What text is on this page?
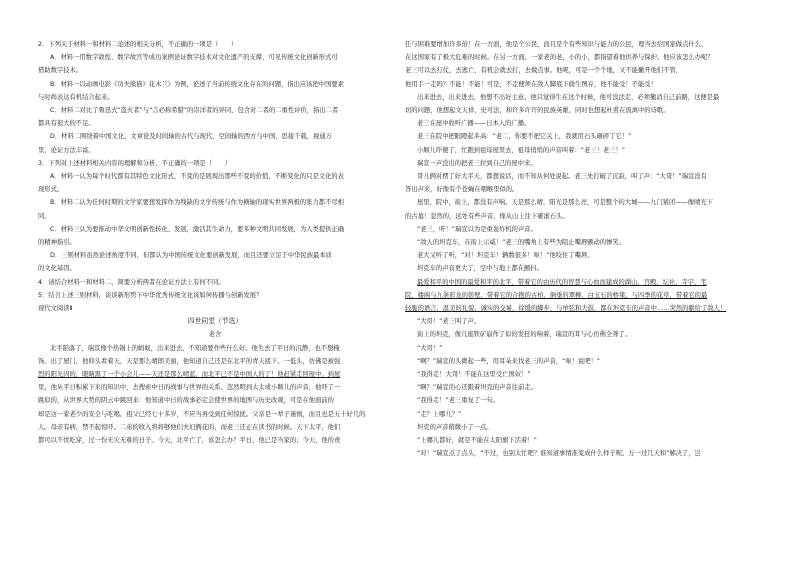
2．下列关于材料一和材料二论述的相关分析，不正确的一项是（　　）

A．材料一用数字敦煌、数字故宫等成功案例论证数字技术对文化遗产的支撑，可见传统文化创新形式可

借助数字技术。

B．材料一以动画电影《功夫熊猫》花木兰》为例，论述了当前传统文化存在的问题，指出应该把中国要素

与时尚表达有机结合起来。

C．材料二对比了鲁迅式“盗火者”与“言必称希腊”的崇洋者的异同，包含对二者的二重性评价，指出二者

都具有很大的不足。

D．材料二围绕着中国文化，文章论及时间轴的古代与现代，空间轴的西方与中国，思接千载，视通万

里，论证方法丰富。

3．下列对上述材料相关内容的理解和分析，不正确的一项是（　　）

A．材料一认为每个时代都有其特色文化形式，不变的是展现出那些不变的价值，不断变化的只是文化的表

现形式。

B．材料二认为任何时期的文学家要想发挥作为残缺的文学传统与作为横轴的现实世界两极的张力都不尽相

同。

C．材料三认为要推动中华文明创新性转化、发展，激活其生命力，要多种文明共同发展，为人类提供正确

的精神指引。

D．三则材料虽然论述角度不同，但都认为中国传统文化要创新发展，而且还要立足于中华民族最本质

的文化基因。

4．请结合材料一和材料二，简要分析两者在论证方法上有何不同。

5．结合上述三则材料，谈谈新形势下中华优秀传统文化该如何传播与创新发展？

现代文阅读Ⅱ

四世同堂（节选）

老舍

北平陷落了，瑞宣像个热锅上的蚂蚁，出来进去，不知道要作些什么好。他失去了平日的沉静，也不想掩

饰。出了屋门，他仰头看着天，天是那么晴朗美丽，他知道自己还是在北平的青天底下。一低头，仿佛是被强

烈的阳光闪的，眼睛黑了一个小会儿——天还是那么晴蓝，而北平已不是中国人的了！他赶紧走回屋中。到屋

里，他从平日积累下来的知识中，去搜索中日的战事与世界的关系。忽然明到太太或小顺儿的声音，他吓了一

跳似的，从世界大势的阴云中跳回来：他知道中日的战事必定会使世界的地图与历史改观，可是在他面前的

却是这一家老少的安全与吃喝。祖父已经七十多岁，不应当再受到任何惊扰。父亲是一辈子谨慎，而且也是五十好几的

人。母亲有病，禁不起惊吓。二弟的收入将将够他们夫妇俩花的，而老三还正在读书的时候。天下太平，他们

都可以不忧吃穿，过一份无灾无难的日子。今天，北平亡了，该怎么办？平日，他已是当家的；今天，他的责

任与困难要增加许多倍！在一方面，他是个公民，而且是个有些知识与能力的公民，理当去给国家做点什么，

在这国家有了极大危难的时候。在另一方面，一家老的老，小的小，都指望着他供养与保护。他应该怎么办呢？

老三可以去打仗，去逃亡，有机会就去打，去做点事。他呢，可是一个个地，又不能撇开他们不管，

他用手一走吗？不能！不能！可是，不走便须在敌人脚底下偷生图存，他不能受！不能受！

出来进去，出来进去，他想不出好主意。他只觉得生在这个时候，他可没法走，必须撤消自己前路，这便是最

切的问题，他想起文天祥、史可法，和许多许许的民族英雄，同时也想起杜甫在流离中的诗歌。

老三在屋中收听广播——日本人的广播。

老三在院中把眼瞪起多高：“老二，你要不把它关上，我就用石头砸碎了它！”

小顺儿吓傻了，忙跑到祖母屋里去，祖母悄悄的声音叫着：“老三！老三！”

瑞宣一声没出的把老三拉到自己的屋中来。

哥儿俩对楞了好大半天，都想说话，而不知从何处说起。老三先打破了沉寂，叫了声：“大哥！”瑞宣没有

答出声来，好像有个苍蝇在咽喉里似的。

屋里，院中，街上，都没有声响。天是那么晴，阳光是那么亮，可是整个的大城——九门紧闭——像晴光下

的古墓！忽然的，远处有些声音，像从山上往下砸滚石头。

“老三，听！”瑞宣以为是重轰炸机的声音。

“敌人的坦克车，在街上示威！”老三的嘴角上有些为阻止嘴唇颤动的惨笑。

老大又听了听，“对！坦克车！辆数很多！呕！”他咬住了嘴唇。

坦克车的声音更大了，空中与地上都在颤抖。

最爱和平的中国的最爱和平的北平，带着它的由历代的智慧与心血而建成的湖山，宫殿，坛社，寺宇，宅

院，楼阁与九条彩龙的影壁，带着它的合抱的古柏，倒垂的翠柳，白玉石的桥梁，与四季的花草，带着它的最

轻脆的语言，温美的礼貌，诚实的交易，徐缓的脚步，与单弦和大鼓，都在坦克车的声音中……突然的献给了敌人！

“大哥！”老三叫了声。

街上的坦克，像几座铁矿崩作了似的发狂的响着，瑞宣的耳与心仿佛全聋了。

“大哥！”

“啊？”瑞宣的头微起一些，用耳朵来找老三的声音，“呕！说吧！”

“我得走！大哥！不能在这里受亡国奴！”

“啊？”瑞宣的心还跟着坦克的声音往前走。

“我得走！”老三重复了一句。

“走？上哪儿？”

坦克的声音稍微小了一点。

“上哪儿都好，就是不能在太阳旗下活着！”

“对！”瑞宣点了点头，“不过，也别太忙吧？谁知道事情准变成什么样子呢。万一过几天和”解决了，岂
